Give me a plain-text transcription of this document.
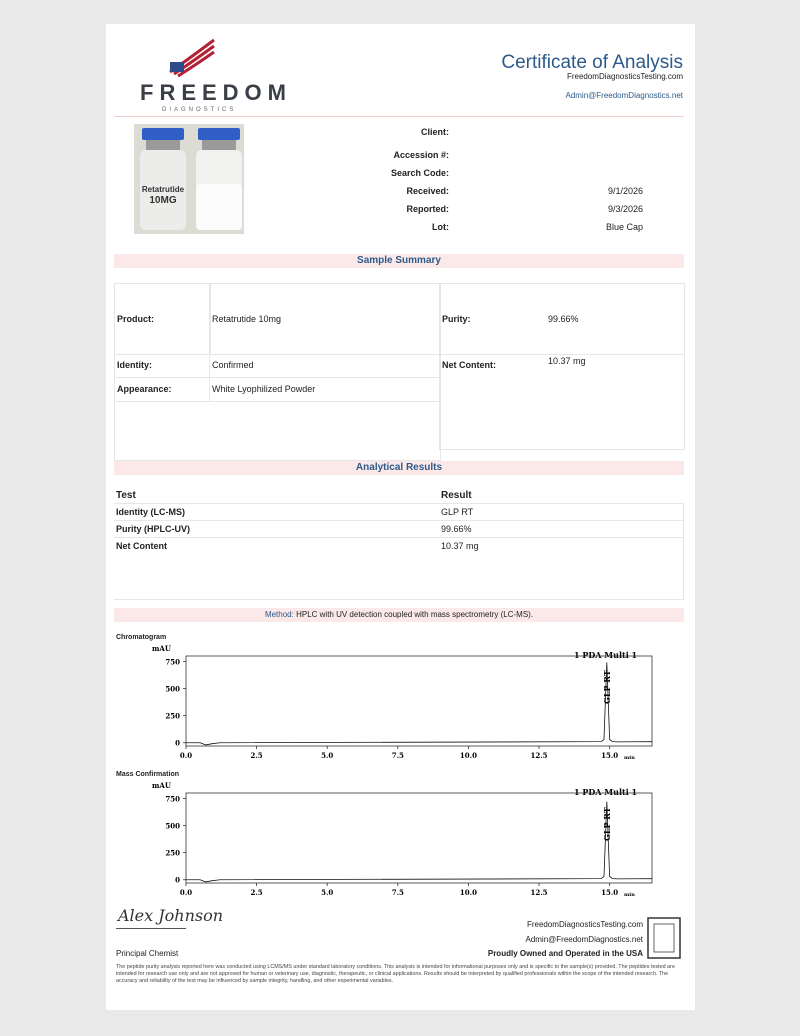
FREEDOM
DIAGNOSTICS
Certificate of Analysis
FreedomDiagnosticsTesting.com
Admin@FreedomDiagnostics.net
Retatrutide
10MG
Client:
Accession #:
Search Code:
Received:	9/1/2026
Reported:	9/3/2026
Lot:	Blue Cap
Sample Summary
Product:	Retatrutide 10mg	Purity:	99.66%
Identity:	Confirmed	Net Content:	10.37 mg
Appearance:	White Lyophilized Powder
Analytical Results
Test	Result
Identity (LC-MS)	GLP RT
Purity (HPLC-UV)	99.66%
Net Content	10.37 mg
Method: HPLC with UV detection coupled with mass spectrometry (LC-MS).
Chromatogram
mAU
min
1 PDA Multi 1
GLP RT
0
250
500
750
0.0	2.5	5.0	7.5	10.0	12.5	15.0
Mass Confirmation
mAU
min
1 PDA Multi 1
GLP RT
0
250
500
750
0.0	2.5	5.0	7.5	10.0	12.5	15.0
Alex Johnson
Principal Chemist
FreedomDiagnosticsTesting.com
Admin@FreedomDiagnostics.net
Proudly Owned and Operated in the USA
The peptide purity analysis reported here was conducted using LCMS/MS under standard laboratory conditions. This analysis is intended for informational purposes only and is specific to the sample(s) provided. The peptides tested are intended for research use only and are not approved for human or veterinary use, diagnostic, therapeutic, or clinical applications. Results should be interpreted by qualified professionals within the scope of the intended research. The accuracy and reliability of the test may be influenced by sample integrity, handling, and other experimental variables.
